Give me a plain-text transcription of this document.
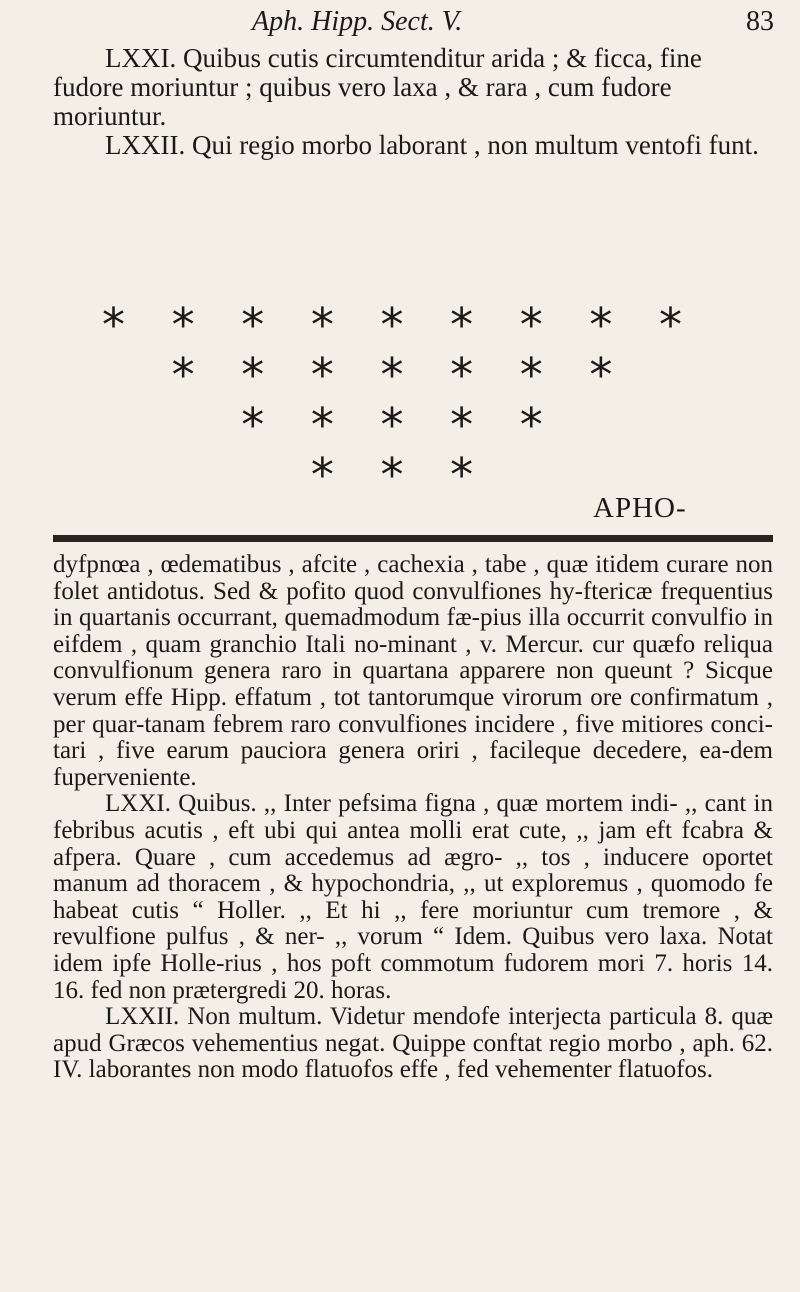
Aph. Hipp. Sect. V.	83

LXXI. Quibus cutis circumtenditur arida ; & ficca, fine fudore moriuntur ; quibus vero laxa , & rara , cum fudore moriuntur.

LXXII. Qui regio morbo laborant , non multum ventofi funt.

* * * * * * * * *
* * * * * * *
* * * * *
* * *
APHO-

dyfpnœa , œdematibus , afcite , cachexia , tabe , quæ itidem curare non folet antidotus. Sed & pofito quod convulfiones hy-ftericæ frequentius in quartanis occurrant, quemadmodum fæ-pius illa occurrit convulfio in eifdem , quam granchio Itali no-minant , v. Mercur. cur quæfo reliqua convulfionum genera raro in quartana apparere non queunt ? Sicque verum effe Hipp. effatum , tot tantorumque virorum ore confirmatum , per quar-tanam febrem raro convulfiones incidere , five mitiores conci-tari , five earum pauciora genera oriri , facileque decedere, ea-dem fuperveniente.

LXXI. Quibus. ,, Inter pefsima figna , quæ mortem indi- ,, cant in febribus acutis , eft ubi qui antea molli erat cute, ,, jam eft fcabra & afpera. Quare , cum accedemus ad ægro- ,, tos , inducere oportet manum ad thoracem , & hypochondria, ,, ut exploremus , quomodo fe habeat cutis “ Holler. ,, Et hi ,, fere moriuntur cum tremore , & revulfione pulfus , & ner- ,, vorum “ Idem. Quibus vero laxa. Notat idem ipfe Holle-rius , hos poft commotum fudorem mori 7. horis 14. 16. fed non prætergredi 20. horas.

LXXII. Non multum. Videtur mendofe interjecta particula 8. quæ apud Græcos vehementius negat. Quippe conftat regio morbo , aph. 62. IV. laborantes non modo flatuofos effe , fed vehementer flatuofos.
